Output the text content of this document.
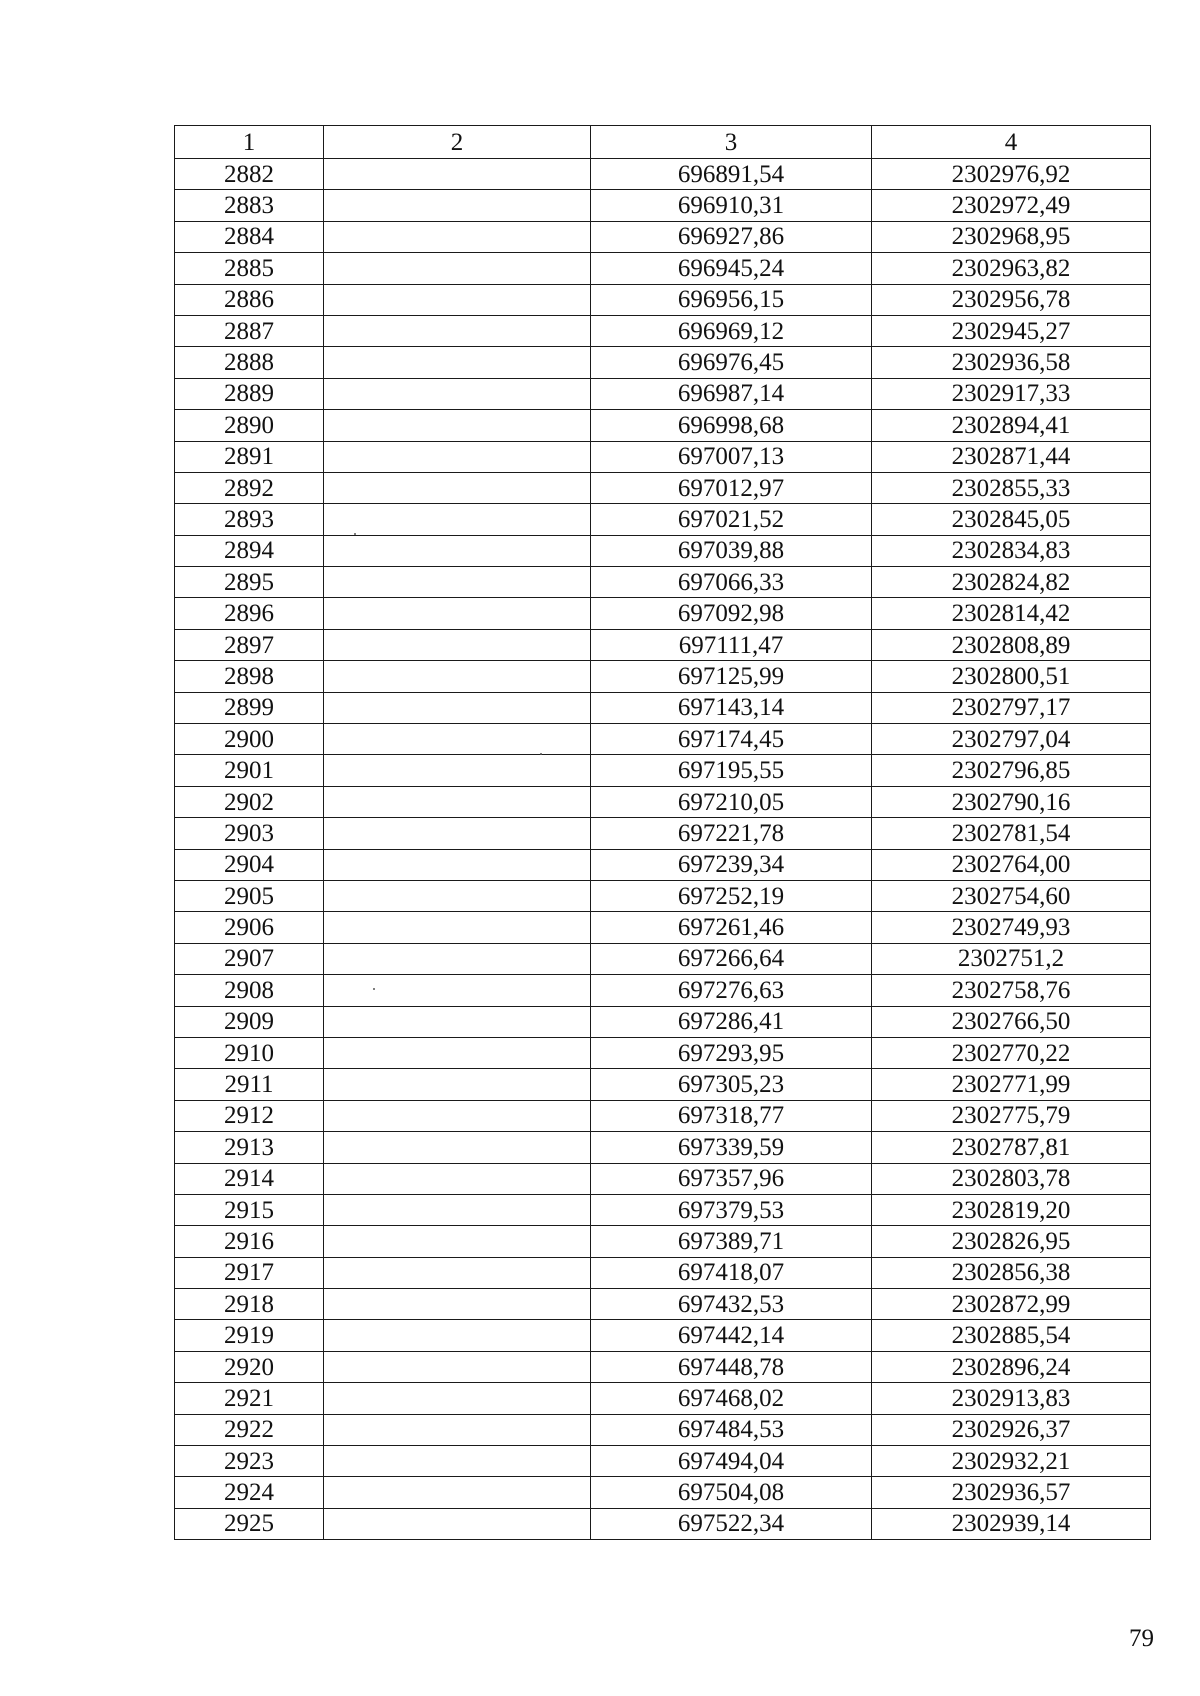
1	2	3	4
2882		696891,54	2302976,92
2883		696910,31	2302972,49
2884		696927,86	2302968,95
2885		696945,24	2302963,82
2886		696956,15	2302956,78
2887		696969,12	2302945,27
2888		696976,45	2302936,58
2889		696987,14	2302917,33
2890		696998,68	2302894,41
2891		697007,13	2302871,44
2892		697012,97	2302855,33
2893		697021,52	2302845,05
2894		697039,88	2302834,83
2895		697066,33	2302824,82
2896		697092,98	2302814,42
2897		697111,47	2302808,89
2898		697125,99	2302800,51
2899		697143,14	2302797,17
2900		697174,45	2302797,04
2901		697195,55	2302796,85
2902		697210,05	2302790,16
2903		697221,78	2302781,54
2904		697239,34	2302764,00
2905		697252,19	2302754,60
2906		697261,46	2302749,93
2907		697266,64	2302751,2
2908		697276,63	2302758,76
2909		697286,41	2302766,50
2910		697293,95	2302770,22
2911		697305,23	2302771,99
2912		697318,77	2302775,79
2913		697339,59	2302787,81
2914		697357,96	2302803,78
2915		697379,53	2302819,20
2916		697389,71	2302826,95
2917		697418,07	2302856,38
2918		697432,53	2302872,99
2919		697442,14	2302885,54
2920		697448,78	2302896,24
2921		697468,02	2302913,83
2922		697484,53	2302926,37
2923		697494,04	2302932,21
2924		697504,08	2302936,57
2925		697522,34	2302939,14
79
